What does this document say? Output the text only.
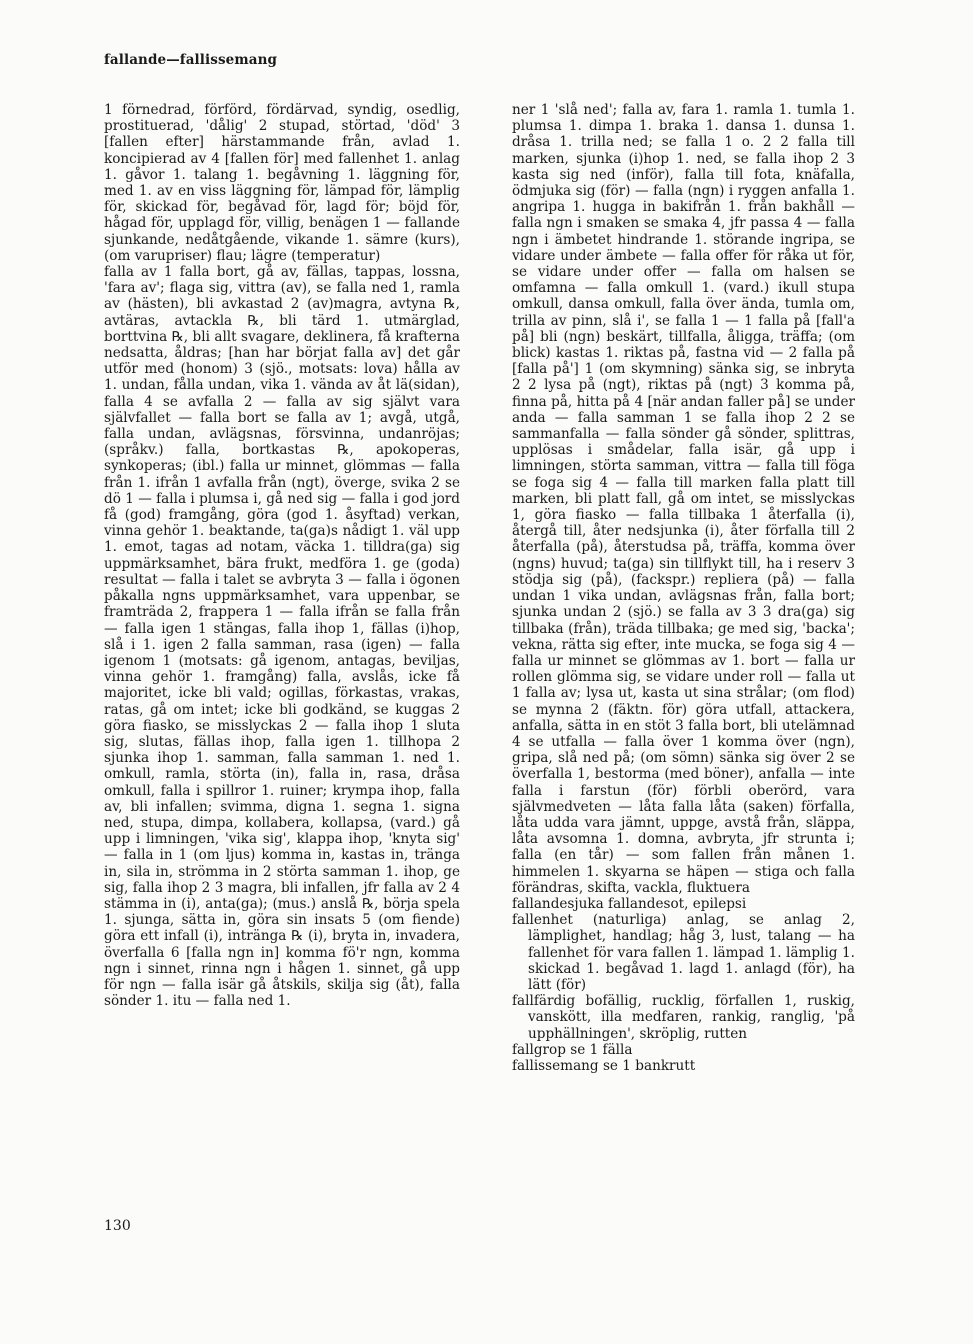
fallande—fallissemang

1 förnedrad, förförd, fördärvad, syndig, osedlig, prostituerad, 'dålig' 2 stupad, störtad, 'död' 3 [fallen efter] härstammande från, avlad 1. koncipierad av 4 [fallen för] med fallenhet 1. anlag 1. gåvor 1. talang 1. begåvning 1. läggning för, med 1. av en viss läggning för, lämpad för, lämplig för, skickad för, begåvad för, lagd för; böjd för, hågad för, upplagd för, villig, benägen 1 — fallande sjunkande, nedåtgående, vikande 1. sämre (kurs), (om varupriser) flau; lägre (temperatur)

falla av 1 falla bort, gå av, fällas, tappas, lossna, 'fara av'; flaga sig, vittra (av), se falla ned 1, ramla av (hästen), bli avkastad 2 (av)magra, avtyna ℞, avtäras, avtackla ℞, bli tärd 1. utmärglad, borttvina ℞, bli allt svagare, deklinera, få krafterna nedsatta, åldras; [han har börjat falla av] det går utför med (honom) 3 (sjö., motsats: lova) hålla av 1. undan, fålla undan, vika 1. vända av åt lä(sidan), falla 4 se avfalla 2 — falla av sig självt vara självfallet — falla bort se falla av 1; avgå, utgå, falla undan, avlägsnas, försvinna, undanröjas; (språkv.) falla, bortkastas ℞, apokoperas, synkoperas; (ibl.) falla ur minnet, glömmas — falla från 1. ifrån 1 avfalla från (ngt), överge, svika 2 se dö 1 — falla i plumsa i, gå ned sig — falla i god jord få (god) framgång, göra (god 1. åsyftad) verkan, vinna gehör 1. beaktande, ta(ga)s nådigt 1. väl upp 1. emot, tagas ad notam, väcka 1. tilldra(ga) sig uppmärksamhet, bära frukt, medföra 1. ge (goda) resultat — falla i talet se avbryta 3 — falla i ögonen påkalla ngns uppmärksamhet, vara uppenbar, se framträda 2, frappera 1 — falla ifrån se falla från — falla igen 1 stängas, falla ihop 1, fällas (i)hop, slå i 1. igen 2 falla samman, rasa (igen) — falla igenom 1 (motsats: gå igenom, antagas, beviljas, vinna gehör 1. framgång) falla, avslås, icke få majoritet, icke bli vald; ogillas, förkastas, vrakas, ratas, gå om intet; icke bli godkänd, se kuggas 2 göra fiasko, se misslyckas 2 — falla ihop 1 sluta sig, slutas, fällas ihop, falla igen 1. tillhopa 2 sjunka ihop 1. samman, falla samman 1. ned 1. omkull, ramla, störta (in), falla in, rasa, dråsa omkull, falla i spillror 1. ruiner; krympa ihop, falla av, bli infallen; svimma, digna 1. segna 1. signa ned, stupa, dimpa, kollabera, kollapsa, (vard.) gå upp i limningen, 'vika sig', klappa ihop, 'knyta sig' — falla in 1 (om ljus) komma in, kastas in, tränga in, sila in, strömma in 2 störta samman 1. ihop, ge sig, falla ihop 2 3 magra, bli infallen, jfr falla av 2 4 stämma in (i), anta(ga); (mus.) anslå ℞, börja spela 1. sjunga, sätta in, göra sin insats 5 (om fiende) göra ett infall (i), intränga ℞ (i), bryta in, invadera, överfalla 6 [falla ngn in] komma fö'r ngn, komma ngn i sinnet, rinna ngn i hågen 1. sinnet, gå upp för ngn — falla isär gå åtskils, skilja sig (åt), falla sönder 1. itu — falla ned 1.

ner 1 'slå ned'; falla av, fara 1. ramla 1. tumla 1. plumsa 1. dimpa 1. braka 1. dansa 1. dunsa 1. dråsa 1. trilla ned; se falla 1 o. 2 2 falla till marken, sjunka (i)hop 1. ned, se falla ihop 2 3 kasta sig ned (inför), falla till fota, knäfalla, ödmjuka sig (för) — falla (ngn) i ryggen anfalla 1. angripa 1. hugga in bakifrån 1. från bakhåll — falla ngn i smaken se smaka 4, jfr passa 4 — falla ngn i ämbetet hindrande 1. störande ingripa, se vidare under ämbete — falla offer för råka ut för, se vidare under offer — falla om halsen se omfamna — falla omkull 1. (vard.) ikull stupa omkull, dansa omkull, falla över ända, tumla om, trilla av pinn, slå i', se falla 1 — 1 falla på [fall'a på] bli (ngn) beskärt, tillfalla, åliggа, träffa; (om blick) kastas 1. riktas på, fastna vid — 2 falla på [falla på'] 1 (om skymning) sänka sig, se inbryta 2 2 lysa på (ngt), riktas på (ngt) 3 komma på, finna på, hitta på 4 [när andan faller på] se under anda — falla samman 1 se falla ihop 2 2 se sammanfalla — falla sönder gå sönder, splittras, upplösas i smådelar, falla isär, gå upp i limningen, störta samman, vittra — falla till föga se foga sig 4 — falla till marken falla platt till marken, bli platt fall, gå om intet, se misslyckas 1, göra fiasko — falla tillbaka 1 återfalla (i), återgå till, åter nedsjunka (i), åter förfalla till 2 återfalla (på), återstudsa på, träffa, komma över (ngns) huvud; ta(ga) sin tillflykt till, ha i reserv 3 stödja sig (på), (fackspr.) repliera (på) — falla undan 1 vika undan, avlägsnas från, falla bort; sjunka undan 2 (sjö.) se falla av 3 3 dra(ga) sig tillbaka (från), träda tillbaka; ge med sig, 'backa'; vekna, rätta sig efter, inte mucka, se foga sig 4 — falla ur minnet se glömmas av 1. bort — falla ur rollen glömma sig, se vidare under roll — falla ut 1 falla av; lysa ut, kasta ut sina strålar; (om flod) se mynna 2 (fäktn. för) göra utfall, attackera, anfalla, sätta in en stöt 3 falla bort, bli utelämnad 4 se utfalla — falla över 1 komma över (ngn), gripa, slå ned på; (om sömn) sänka sig över 2 se överfalla 1, bestorma (med böner), anfalla — inte falla i farstun (för) förbli oberörd, vara självmedveten — låta falla låta (saken) förfalla, låta udda vara jämnt, uppge, avstå från, släppa, låta avsomna 1. domna, avbryta, jfr strunta i; falla (en tår) — som fallen från månen 1. himmelen 1. skyarna se häpen — stiga och falla förändras, skifta, vackla, fluktuera

fallandesjuka fallandesot, epilepsi

fallenhet (naturliga) anlag, se anlag 2, lämplighet, handlag; håg 3, lust, talang — ha fallenhet för vara fallen 1. lämpad 1. lämplig 1. skickad 1. begåvad 1. lagd 1. anlagd (för), ha lätt (för)

fallfärdig bofällig, rucklig, förfallen 1, ruskig, vanskött, illa medfaren, rankig, ranglig, 'på upphällningen', skröplig, rutten

fallgrop se 1 fälla

fallissemang se 1 bankrutt

130
